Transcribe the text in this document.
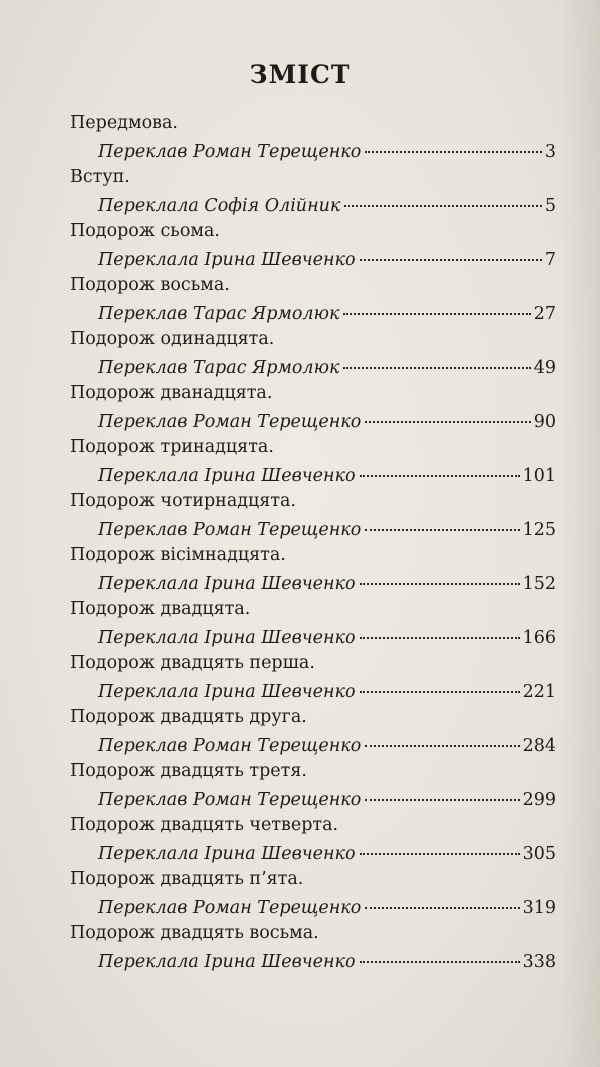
ЗМІСТ
Передмова.
Переклав Роман Терещенко	3
Вступ.
Переклала Софія Олійник	5
Подорож сьома.
Переклала Ірина Шевченко	7
Подорож восьма.
Переклав Тарас Ярмолюк	27
Подорож одинадцята.
Переклав Тарас Ярмолюк	49
Подорож дванадцята.
Переклав Роман Терещенко	90
Подорож тринадцята.
Переклала Ірина Шевченко	101
Подорож чотирнадцята.
Переклав Роман Терещенко	125
Подорож вісімнадцята.
Переклала Ірина Шевченко	152
Подорож двадцята.
Переклала Ірина Шевченко	166
Подорож двадцять перша.
Переклала Ірина Шевченко	221
Подорож двадцять друга.
Переклав Роман Терещенко	284
Подорож двадцять третя.
Переклав Роман Терещенко	299
Подорож двадцять четверта.
Переклала Ірина Шевченко	305
Подорож двадцять п’ята.
Переклав Роман Терещенко	319
Подорож двадцять восьма.
Переклала Ірина Шевченко	338
